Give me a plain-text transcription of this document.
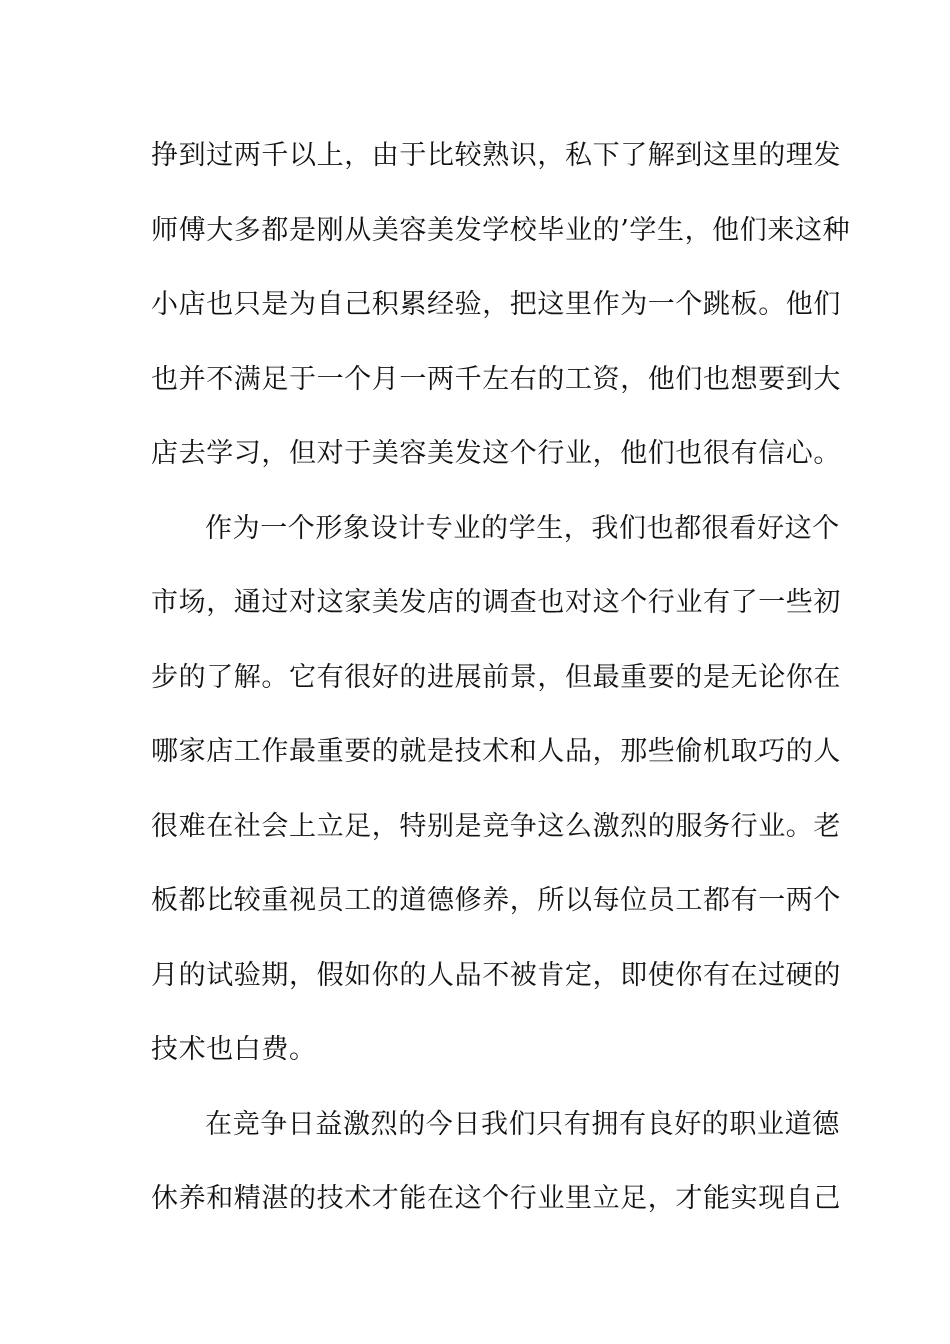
挣到过两千以上，由于比较熟识，私下了解到这里的理发
师傅大多都是刚从美容美发学校毕业的’学生，他们来这种
小店也只是为自己积累经验，把这里作为一个跳板。他们
也并不满足于一个月一两千左右的工资，他们也想要到大
店去学习，但对于美容美发这个行业，他们也很有信心。
作为一个形象设计专业的学生，我们也都很看好这个
市场，通过对这家美发店的调查也对这个行业有了一些初
步的了解。它有很好的进展前景，但最重要的是无论你在
哪家店工作最重要的就是技术和人品，那些偷机取巧的人
很难在社会上立足，特别是竞争这么激烈的服务行业。老
板都比较重视员工的道德修养，所以每位员工都有一两个
月的试验期，假如你的人品不被肯定，即使你有在过硬的
技术也白费。
在竞争日益激烈的今日我们只有拥有良好的职业道德
休养和精湛的技术才能在这个行业里立足，才能实现自己
